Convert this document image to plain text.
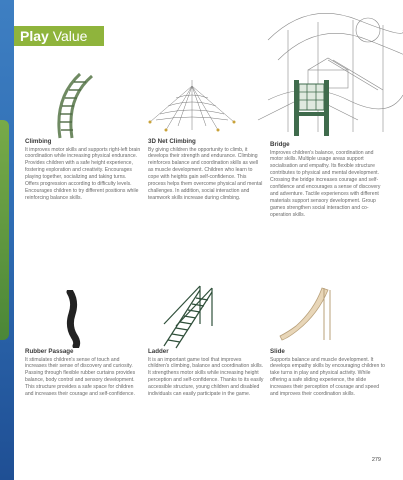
Play Value
Climbing

It improves motor skills and supports right-left brain coordination while increasing physical endurance. Provides children with a safe height experience, fostering exploration and creativity. Encourages playing together, socializing and taking turns. Offers progression according to difficulty levels. Encourages children to try different positions while reinforcing balance skills.

3D Net Climbing

By giving children the opportunity to climb, it develops their strength and endurance. Climbing reinforces balance and coordination skills as well as muscle development. Children who learn to cope with heights gain self-confidence. This process helps them overcome physical and mental challenges. In addition, social interaction and teamwork skills increase during climbing.

Bridge

Improves children's balance, coordination and motor skills. Multiple usage areas support socialisation and empathy. Its flexible structure contributes to physical and mental development. Crossing the bridge increases courage and self-confidence and encourages a sense of discovery and adventure. Tactile experiences with different materials support sensory development. Group games strengthen social interaction and co-operation skills.

Rubber Passage

It stimulates children's sense of touch and increases their sense of discovery and curiosity. Passing through flexible rubber curtains provides balance, body control and sensory development. This structure provides a safe space for children and increases their courage and self-confidence.

Ladder

It is an important game tool that improves children's climbing, balance and coordination skills. It strengthens motor skills while increasing height perception and self-confidence. Thanks to its easily accessible structure, young children and disabled individuals can easily participate in the game.

Slide

Supports balance and muscle development. It develops empathy skills by encouraging children to take turns in play and physical activity. While offering a safe sliding experience, the slide increases their perception of courage and speed and improves their coordination skills.

279
